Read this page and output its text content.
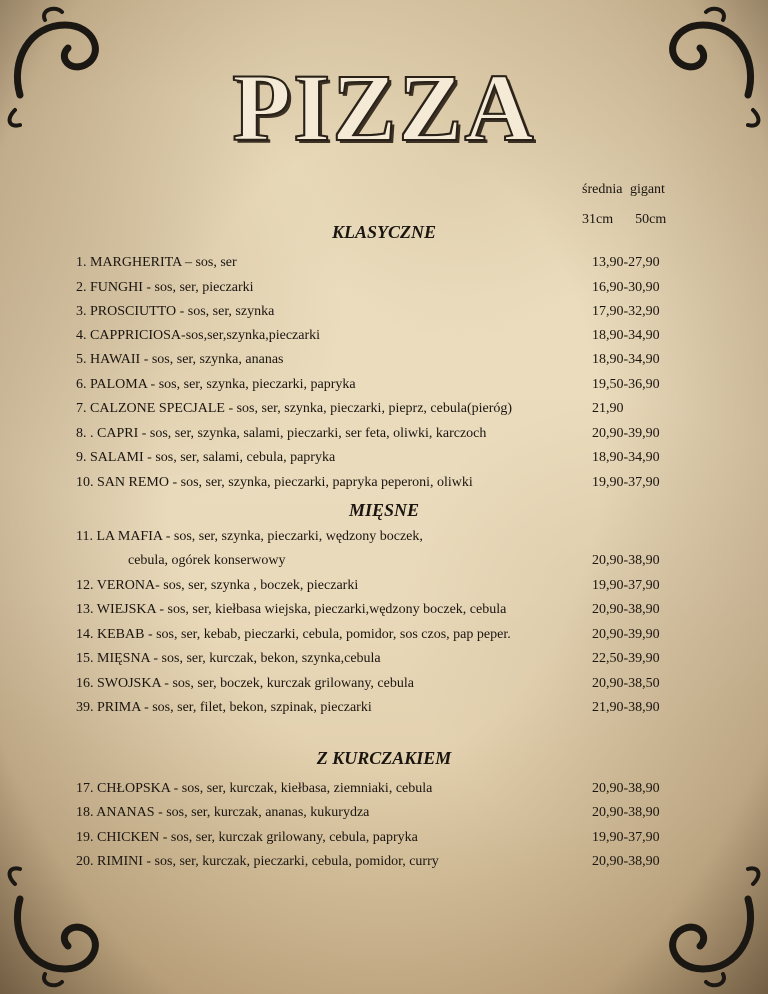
PIZZA
średnia gigant
31cm 50cm
KLASYCZNE
1. MARGHERITA – sos, ser	13,90-27,90
2. FUNGHI - sos, ser, pieczarki	16,90-30,90
3. PROSCIUTTO - sos, ser, szynka	17,90-32,90
4. CAPPRICIOSA-sos,ser,szynka,pieczarki	18,90-34,90
5. HAWAII - sos, ser, szynka, ananas	18,90-34,90
6. PALOMA - sos, ser, szynka, pieczarki, papryka	19,50-36,90
7. CALZONE SPECJALE - sos, ser, szynka, pieczarki, pieprz, cebula(pieróg)	21,90
8. . CAPRI - sos, ser, szynka, salami, pieczarki, ser feta, oliwki, karczoch	20,90-39,90
9. SALAMI - sos, ser, salami, cebula, papryka	18,90-34,90
10. SAN REMO - sos, ser, szynka, pieczarki, papryka peperoni, oliwki	19,90-37,90
MIĘSNE
11. LA MAFIA - sos, ser, szynka, pieczarki, wędzony boczek,
cebula, ogórek konserwowy	20,90-38,90
12. VERONA- sos, ser, szynka , boczek, pieczarki	19,90-37,90
13. WIEJSKA - sos, ser, kiełbasa wiejska, pieczarki,wędzony boczek, cebula	20,90-38,90
14. KEBAB - sos, ser, kebab, pieczarki, cebula, pomidor, sos czos, pap peper.	20,90-39,90
15. MIĘSNA - sos, ser, kurczak, bekon, szynka,cebula	22,50-39,90
16. SWOJSKA - sos, ser, boczek, kurczak grilowany, cebula	20,90-38,50
39. PRIMA - sos, ser, filet, bekon, szpinak, pieczarki	21,90-38,90
Z KURCZAKIEM
17. CHŁOPSKA - sos, ser, kurczak, kiełbasa, ziemniaki, cebula	20,90-38,90
18. ANANAS - sos, ser, kurczak, ananas, kukurydza	20,90-38,90
19. CHICKEN - sos, ser, kurczak grilowany, cebula, papryka	19,90-37,90
20. RIMINI - sos, ser, kurczak, pieczarki, cebula, pomidor, curry	20,90-38,90
